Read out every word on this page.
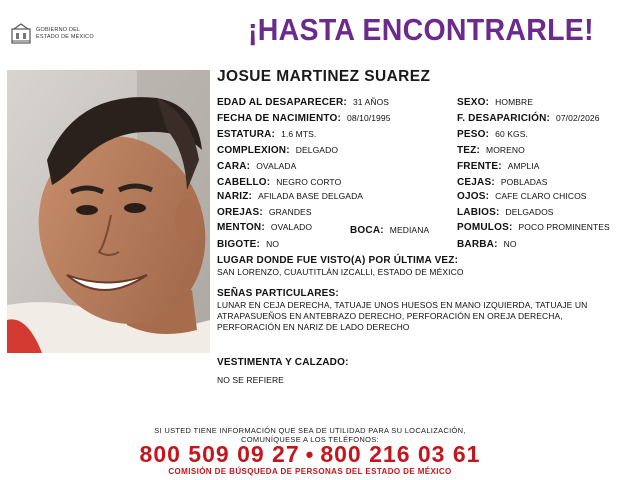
GOBIERNO DEL
ESTADO DE MÉXICO	¡HASTA ENCONTRARLE!
JOSUE MARTINEZ SUAREZ
EDAD AL DESAPARECER: 31 AÑOS
FECHA DE NACIMIENTO: 08/10/1995
ESTATURA: 1.6 MTS.
COMPLEXION: DELGADO
CARA: OVALADA
CABELLO: NEGRO CORTO
NARIZ: AFILADA BASE DELGADA
OREJAS: GRANDES
MENTON: OVALADO	BOCA: MEDIANA
BIGOTE: NO
SEXO: HOMBRE
F. DESAPARICIÓN: 07/02/2026
PESO: 60 KGS.
TEZ: MORENO
FRENTE: AMPLIA
CEJAS: POBLADAS
OJOS: CAFE CLARO CHICOS
LABIOS: DELGADOS
POMULOS: POCO PROMINENTES
BARBA: NO
LUGAR DONDE FUE VISTO(A) POR ÚLTIMA VEZ:
SAN LORENZO, CUAUTITLÁN IZCALLI, ESTADO DE MÉXICO
SEÑAS PARTICULARES:
LUNAR EN CEJA DERECHA, TATUAJE UNOS HUESOS EN MANO IZQUIERDA, TATUAJE UN
ATRAPASUEÑOS EN ANTEBRAZO DERECHO, PERFORACIÓN EN OREJA DERECHA,
PERFORACIÓN EN NARIZ DE LADO DERECHO
VESTIMENTA Y CALZADO:
NO SE REFIERE
SI USTED TIENE INFORMACIÓN QUE SEA DE UTILIDAD PARA SU LOCALIZACIÓN,
COMUNÍQUESE A LOS TELÉFONOS:
800 509 09 27 • 800 216 03 61
COMISIÓN DE BÚSQUEDA DE PERSONAS DEL ESTADO DE MÉXICO
